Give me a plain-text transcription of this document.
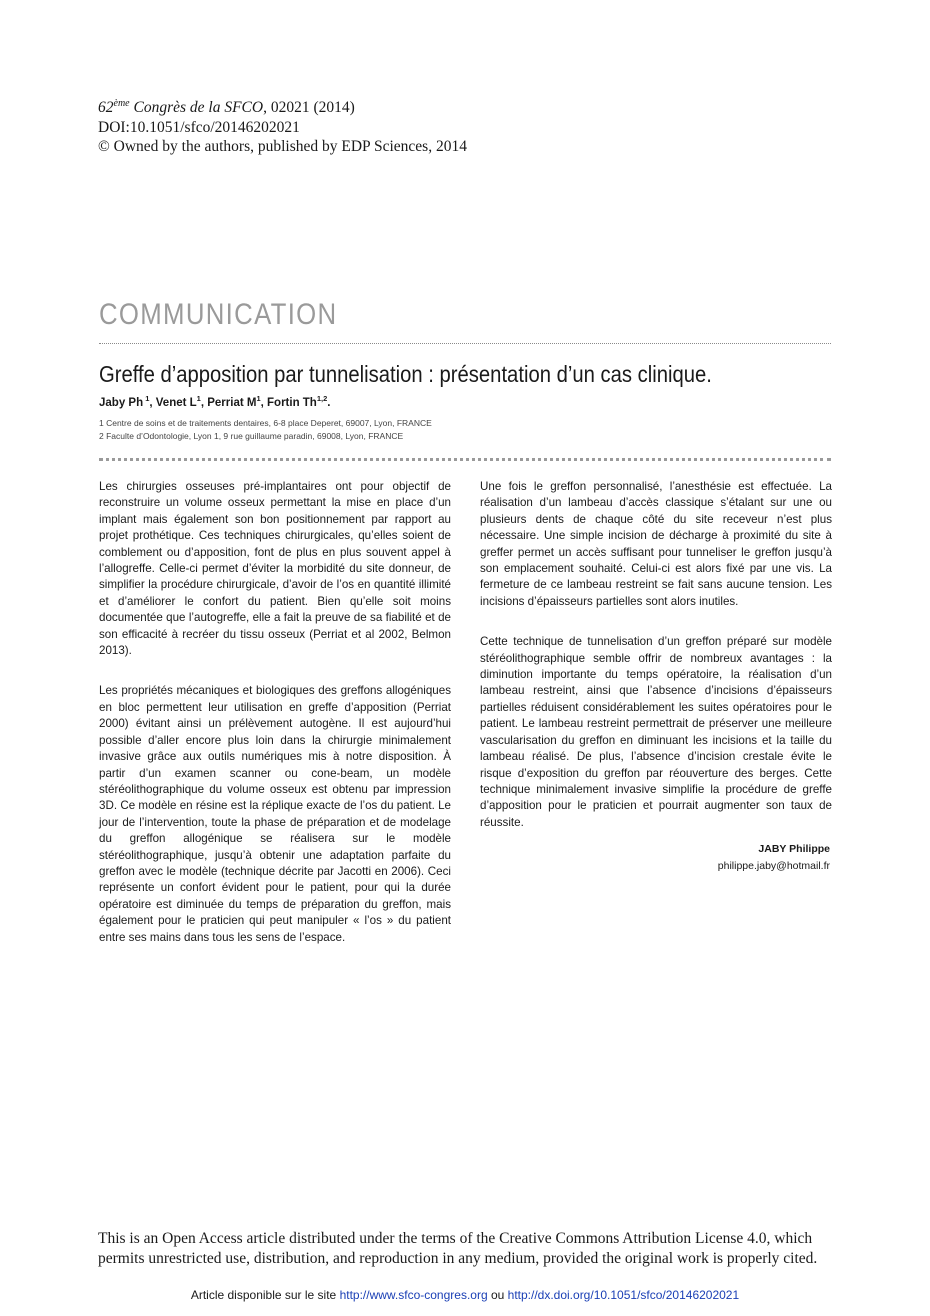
62ème Congrès de la SFCO, 02021 (2014)
DOI:10.1051/sfco/20146202021
© Owned by the authors, published by EDP Sciences, 2014
COMMUNICATION
Greffe d’apposition par tunnelisation : présentation d’un cas clinique.
Jaby Ph $^1$, Venet $L^1$, Perriat $M^1$, Fortin Th$^{1,2}$.
1 Centre de soins et de traitements dentaires, 6-8 place Deperet, 69007, Lyon, FRANCE
2 Faculte d’Odontologie, Lyon 1, 9 rue guillaume paradin, 69008, Lyon, FRANCE

Les chirurgies osseuses pré-implantaires ont pour objectif de reconstruire un volume osseux permettant la mise en place d’un implant mais également son bon positionnement par rapport au projet prothétique. Ces techniques chirurgicales, qu’elles soient de comblement ou d’apposition, font de plus en plus souvent appel à l’allogreffe. Celle-ci permet d’éviter la morbidité du site donneur, de simplifier la procédure chirurgicale, d’avoir de l’os en quantité illimité et d’améliorer le confort du patient. Bien qu’elle soit moins documentée que l’autogreffe, elle a fait la preuve de sa fiabilité et de son efficacité à recréer du tissu osseux (Perriat et al 2002, Belmon 2013).

Les propriétés mécaniques et biologiques des greffons allogéniques en bloc permettent leur utilisation en greffe d’apposition (Perriat 2000) évitant ainsi un prélèvement autogène. Il est aujourd’hui possible d’aller encore plus loin dans la chirurgie minimalement invasive grâce aux outils numériques mis à notre disposition. À partir d’un examen scanner ou cone-beam, un modèle stéréolithographique du volume osseux est obtenu par impression 3D. Ce modèle en résine est la réplique exacte de l’os du patient. Le jour de l’intervention, toute la phase de préparation et de modelage du greffon allogénique se réalisera sur le modèle stéréolithographique, jusqu’à obtenir une adaptation parfaite du greffon avec le modèle (technique décrite par Jacotti en 2006). Ceci représente un confort évident pour le patient, pour qui la durée opératoire est diminuée du temps de préparation du greffon, mais également pour le praticien qui peut manipuler « l’os » du patient entre ses mains dans tous les sens de l’espace.

Une fois le greffon personnalisé, l’anesthésie est effectuée. La réalisation d’un lambeau d’accès classique s’étalant sur une ou plusieurs dents de chaque côté du site receveur n’est plus nécessaire. Une simple incision de décharge à proximité du site à greffer permet un accès suffisant pour tunneliser le greffon jusqu’à son emplacement souhaité. Celui-ci est alors fixé par une vis. La fermeture de ce lambeau restreint se fait sans aucune tension. Les incisions d’épaisseurs partielles sont alors inutiles.

Cette technique de tunnelisation d’un greffon préparé sur modèle stéréolithographique semble offrir de nombreux avantages : la diminution importante du temps opératoire, la réalisation d’un lambeau restreint, ainsi que l’absence d’incisions d’épaisseurs partielles réduisent considérablement les suites opératoires pour le patient. Le lambeau restreint permettrait de préserver une meilleure vascularisation du greffon en diminuant les incisions et la taille du lambeau réalisé. De plus, l’absence d’incision crestale évite le risque d’exposition du greffon par réouverture des berges. Cette technique minimalement invasive simplifie la procédure de greffe d’apposition pour le praticien et pourrait augmenter son taux de réussite.

JABY Philippe
philippe.jaby@hotmail.fr
This is an Open Access article distributed under the terms of the Creative Commons Attribution License 4.0, which
permits unrestricted use, distribution, and reproduction in any medium, provided the original work is properly cited.
Article disponible sur le site http://www.sfco-congres.org ou http://dx.doi.org/10.1051/sfco/20146202021
